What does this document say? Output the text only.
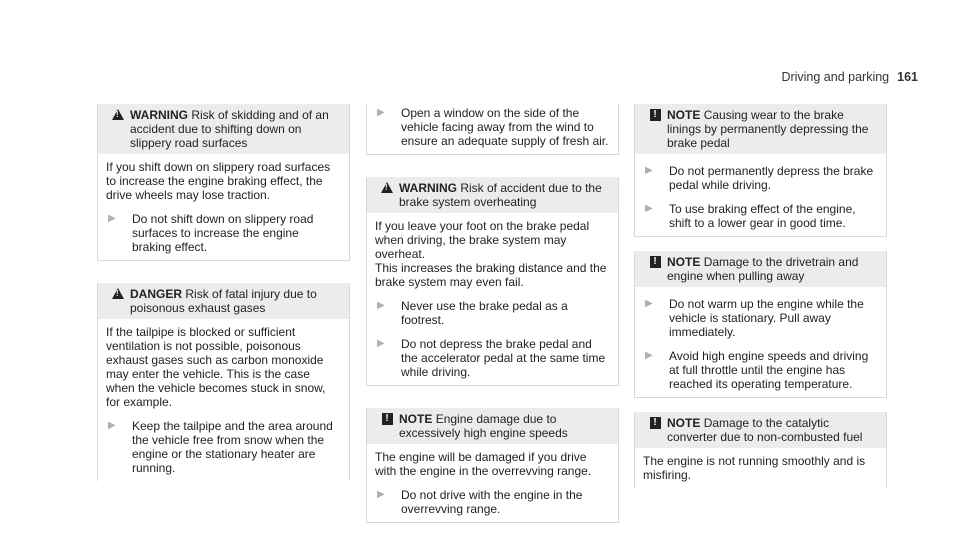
Driving and parking 161
!
WARNING Risk of skidding and of an accident due to shifting down on slippery road surfaces

If you shift down on slippery road surfaces to increase the engine braking effect, the drive wheels may lose traction.

▶	Do not shift down on slippery road surfaces to increase the engine braking effect.
!
DANGER Risk of fatal injury due to poisonous exhaust gases

If the tailpipe is blocked or sufficient ventilation is not possible, poisonous exhaust gases such as carbon monoxide may enter the vehicle. This is the case when the vehicle becomes stuck in snow, for example.

▶	Keep the tailpipe and the area around the vehicle free from snow when the engine or the stationary heater are running.
▶	Open a window on the side of the vehicle facing away from the wind to ensure an adequate supply of fresh air.
!
WARNING Risk of accident due to the brake system overheating

If you leave your foot on the brake pedal when driving, the brake system may overheat.

This increases the braking distance and the brake system may even fail.

▶	Never use the brake pedal as a footrest.
▶	Do not depress the brake pedal and the accelerator pedal at the same time while driving.
! NOTE Engine damage due to excessively high engine speeds

The engine will be damaged if you drive with the engine in the overrevving range.

▶	Do not drive with the engine in the overrevving range.
! NOTE Causing wear to the brake linings by permanently depressing the brake pedal
▶	Do not permanently depress the brake pedal while driving.
▶	To use braking effect of the engine, shift to a lower gear in good time.
! NOTE Damage to the drivetrain and engine when pulling away
▶	Do not warm up the engine while the vehicle is stationary. Pull away immediately.
▶	Avoid high engine speeds and driving at full throttle until the engine has reached its operating temperature.
! NOTE Damage to the catalytic converter due to non-combusted fuel

The engine is not running smoothly and is misfiring.
